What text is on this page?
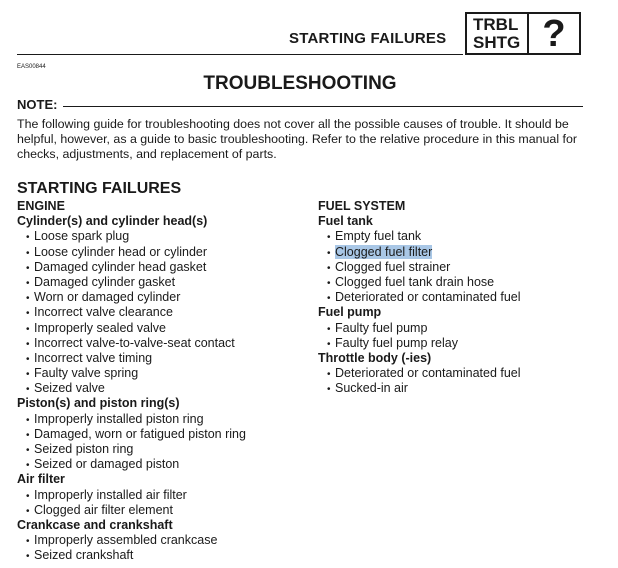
STARTING FAILURES
TRBL
SHTG ?
EAS00844
TROUBLESHOOTING
NOTE:
The following guide for troubleshooting does not cover all the possible causes of trouble. It should be helpful, however, as a guide to basic troubleshooting. Refer to the relative procedure in this manual for checks, adjustments, and replacement of parts.
STARTING FAILURES
ENGINE
Cylinder(s) and cylinder head(s)
• Loose spark plug
• Loose cylinder head or cylinder
• Damaged cylinder head gasket
• Damaged cylinder gasket
• Worn or damaged cylinder
• Incorrect valve clearance
• Improperly sealed valve
• Incorrect valve-to-valve-seat contact
• Incorrect valve timing
• Faulty valve spring
• Seized valve
Piston(s) and piston ring(s)
• Improperly installed piston ring
• Damaged, worn or fatigued piston ring
• Seized piston ring
• Seized or damaged piston
Air filter
• Improperly installed air filter
• Clogged air filter element
Crankcase and crankshaft
• Improperly assembled crankcase
• Seized crankshaft
FUEL SYSTEM
Fuel tank
• Empty fuel tank
• Clogged fuel filter
• Clogged fuel strainer
• Clogged fuel tank drain hose
• Deteriorated or contaminated fuel
Fuel pump
• Faulty fuel pump
• Faulty fuel pump relay
Throttle body (-ies)
• Deteriorated or contaminated fuel
• Sucked-in air
